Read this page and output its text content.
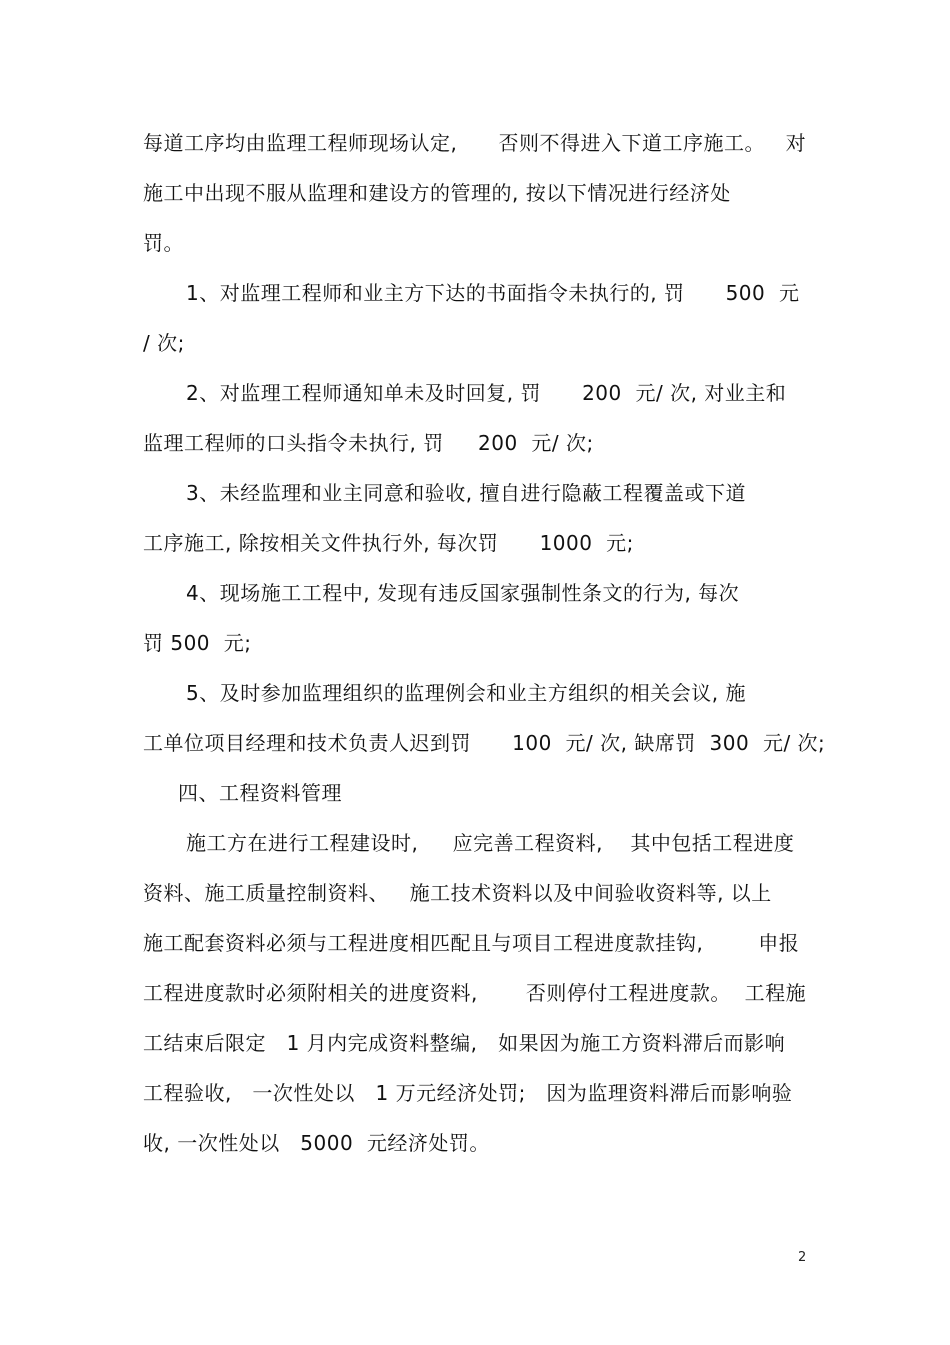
每道工序均由监理工程师现场认定,      否则不得进入下道工序施工。   对
施工中出现不服从监理和建设方的管理的, 按以下情况进行经济处
罚。
1、对监理工程师和业主方下达的书面指令未执行的, 罚      500  元
/ 次;
2、对监理工程师通知单未及时回复, 罚      200  元/ 次, 对业主和
监理工程师的口头指令未执行, 罚     200  元/ 次;
3、未经监理和业主同意和验收, 擅自进行隐蔽工程覆盖或下道
工序施工, 除按相关文件执行外, 每次罚      1000  元;
4、现场施工工程中, 发现有违反国家强制性条文的行为, 每次
罚 500  元;
5、及时参加监理组织的监理例会和业主方组织的相关会议, 施
工单位项目经理和技术负责人迟到罚      100  元/ 次, 缺席罚  300  元/ 次;
四、工程资料管理
施工方在进行工程建设时,     应完善工程资料,    其中包括工程进度
资料、施工质量控制资料、   施工技术资料以及中间验收资料等, 以上
施工配套资料必须与工程进度相匹配且与项目工程进度款挂钩,        申报
工程进度款时必须附相关的进度资料,       否则停付工程进度款。  工程施
工结束后限定   1 月内完成资料整编,   如果因为施工方资料滞后而影响
工程验收,   一次性处以   1 万元经济处罚;   因为监理资料滞后而影响验
收, 一次性处以   5000  元经济处罚。
2
